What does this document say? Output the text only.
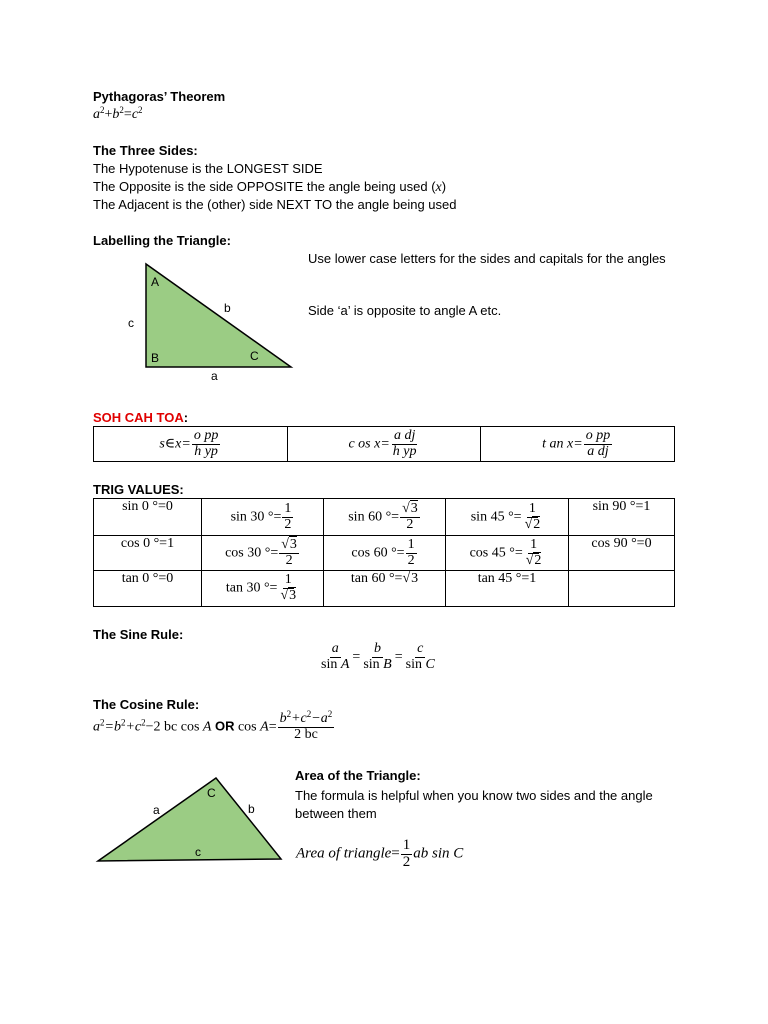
Pythagoras’ Theorem
$a^2+b^2=c^2$
The Three Sides:
The Hypotenuse is the LONGEST SIDE
The Opposite is the side OPPOSITE the angle being used (x)
The Adjacent is the (other) side NEXT TO the angle being used
Labelling the Triangle:
A
B	C
b
c
a
Use lower case letters for the sides and capitals for the angles
Side ‘a’ is opposite to angle A etc.
SOH CAH TOA:
s∈x= $\frac{\text{o pp}}{\text{h yp}}$	c os $x= \frac{\text{a dj}}{\text{h yp}}$	t an $x= \frac{\text{o pp}}{\text{a dj}}$
TRIG VALUES:
sin 0 °=0	sin 30 °= $\frac{1}{2}$	sin 60 °= $\frac{√3}{2}$	sin 45 °= $\frac{1}{√2}$	sin 90 °=1
cos 0 °=1	cos 30 °= $\frac{√3}{2}$	cos 60 °= $\frac{1}{2}$	cos 45 °= $\frac{1}{√2}$	cos 90 °=0
tan 0 °=0	tan 30 °= $\frac{1}{√3}$	tan 60 °=√3	tan 45 °=1	
The Sine Rule:
$\frac{a}{\text{sin A}} = \frac{b}{\text{sin B}} = \frac{c}{\text{sin C}}$
The Cosine Rule:
$a^2=b^2+c^2-2$ bc cos A OR $\cos A= \frac{b^2+c^2-a^2}{2 bc}$
a	b
C
c
Area of the Triangle:
The formula is helpful when you know two sides and the angle between them
Area of triangle= $\frac{1}{2}$ ab sin C
